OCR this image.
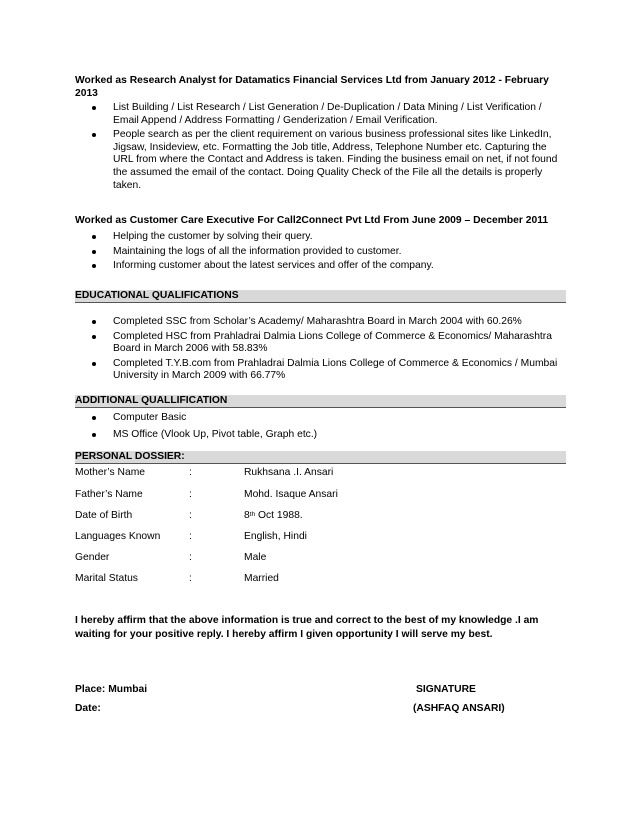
Worked as Research Analyst for Datamatics Financial Services Ltd from January 2012 - February 2013
List Building / List Research / List Generation / De-Duplication / Data Mining / List Verification / Email Append / Address Formatting / Genderization / Email Verification.
People search as per the client requirement on various business professional sites like LinkedIn, Jigsaw, Insideview, etc. Formatting the Job title, Address, Telephone Number etc. Capturing the URL from where the Contact and Address is taken. Finding the business email on net, if not found the assumed the email of the contact. Doing Quality Check of the File all the details is properly taken.
Worked as Customer Care Executive For Call2Connect Pvt Ltd From June 2009 – December 2011
Helping the customer by solving their query.
Maintaining the logs of all the information provided to customer.
Informing customer about the latest services and offer of the company.
EDUCATIONAL QUALIFICATIONS
Completed SSC from Scholar’s Academy/ Maharashtra Board in March 2004 with 60.26%
Completed HSC from Prahladrai Dalmia Lions College of Commerce & Economics/ Maharashtra Board in March 2006 with 58.83%
Completed T.Y.B.com from Prahladrai Dalmia Lions College of Commerce & Economics / Mumbai University in March 2009 with 66.77%
ADDITIONAL QUALLIFICATION
Computer Basic
MS Office (Vlook Up, Pivot table, Graph etc.)
PERSONAL DOSSIER:
Mother’s Name	:	Rukhsana .I. Ansari
Father’s Name	:	Mohd. Isaque Ansari
Date of Birth	:	8th Oct 1988.
Languages Known	:	English, Hindi
Gender	:	Male
Marital Status	:	Married
I hereby affirm that the above information is true and correct to the best of my knowledge .I am
waiting for your positive reply. I hereby affirm I given opportunity I will serve my best.
Place: Mumbai
Date:
SIGNATURE
(ASHFAQ ANSARI)
